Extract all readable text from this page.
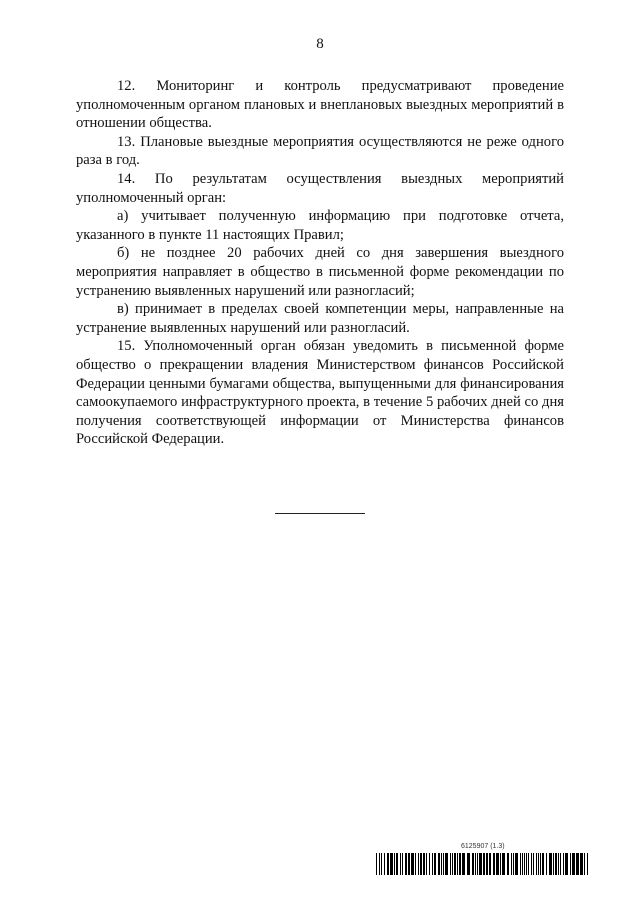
8

12. Мониторинг и контроль предусматривают проведение уполномоченным органом плановых и внеплановых выездных мероприятий в отношении общества.

13. Плановые выездные мероприятия осуществляются не реже одного раза в год.

14. По результатам осуществления выездных мероприятий уполномоченный орган:

а) учитывает полученную информацию при подготовке отчета, указанного в пункте 11 настоящих Правил;

б) не позднее 20 рабочих дней со дня завершения выездного мероприятия направляет в общество в письменной форме рекомендации по устранению выявленных нарушений или разногласий;

в) принимает в пределах своей компетенции меры, направленные на устранение выявленных нарушений или разногласий.

15. Уполномоченный орган обязан уведомить в письменной форме общество о прекращении владения Министерством финансов Российской Федерации ценными бумагами общества, выпущенными для финансирования самоокупаемого инфраструктурного проекта, в течение 5 рабочих дней со дня получения соответствующей информации от Министерства финансов Российской Федерации.

6125907 (1.3)
